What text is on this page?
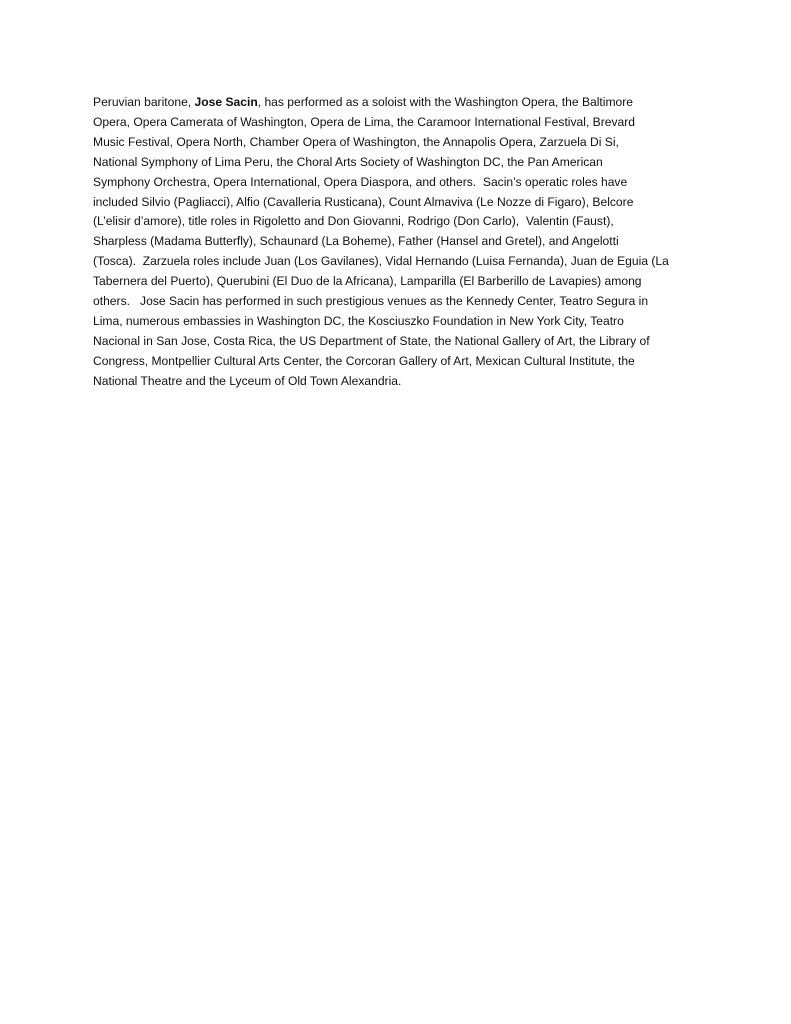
Peruvian baritone, Jose Sacin, has performed as a soloist with the Washington Opera, the Baltimore
Opera, Opera Camerata of Washington, Opera de Lima, the Caramoor International Festival, Brevard
Music Festival, Opera North, Chamber Opera of Washington, the Annapolis Opera, Zarzuela Di Si,
National Symphony of Lima Peru, the Choral Arts Society of Washington DC, the Pan American
Symphony Orchestra, Opera International, Opera Diaspora, and others.  Sacin’s operatic roles have
included Silvio (Pagliacci), Alfio (Cavalleria Rusticana), Count Almaviva (Le Nozze di Figaro), Belcore
(L’elisir d’amore), title roles in Rigoletto and Don Giovanni, Rodrigo (Don Carlo),  Valentin (Faust),
Sharpless (Madama Butterfly), Schaunard (La Boheme), Father (Hansel and Gretel), and Angelotti
(Tosca).  Zarzuela roles include Juan (Los Gavilanes), Vidal Hernando (Luisa Fernanda), Juan de Eguia (La
Tabernera del Puerto), Querubini (El Duo de la Africana), Lamparilla (El Barberillo de Lavapies) among
others.   Jose Sacin has performed in such prestigious venues as the Kennedy Center, Teatro Segura in
Lima, numerous embassies in Washington DC, the Kosciuszko Foundation in New York City, Teatro
Nacional in San Jose, Costa Rica, the US Department of State, the National Gallery of Art, the Library of
Congress, Montpellier Cultural Arts Center, the Corcoran Gallery of Art, Mexican Cultural Institute, the
National Theatre and the Lyceum of Old Town Alexandria.
